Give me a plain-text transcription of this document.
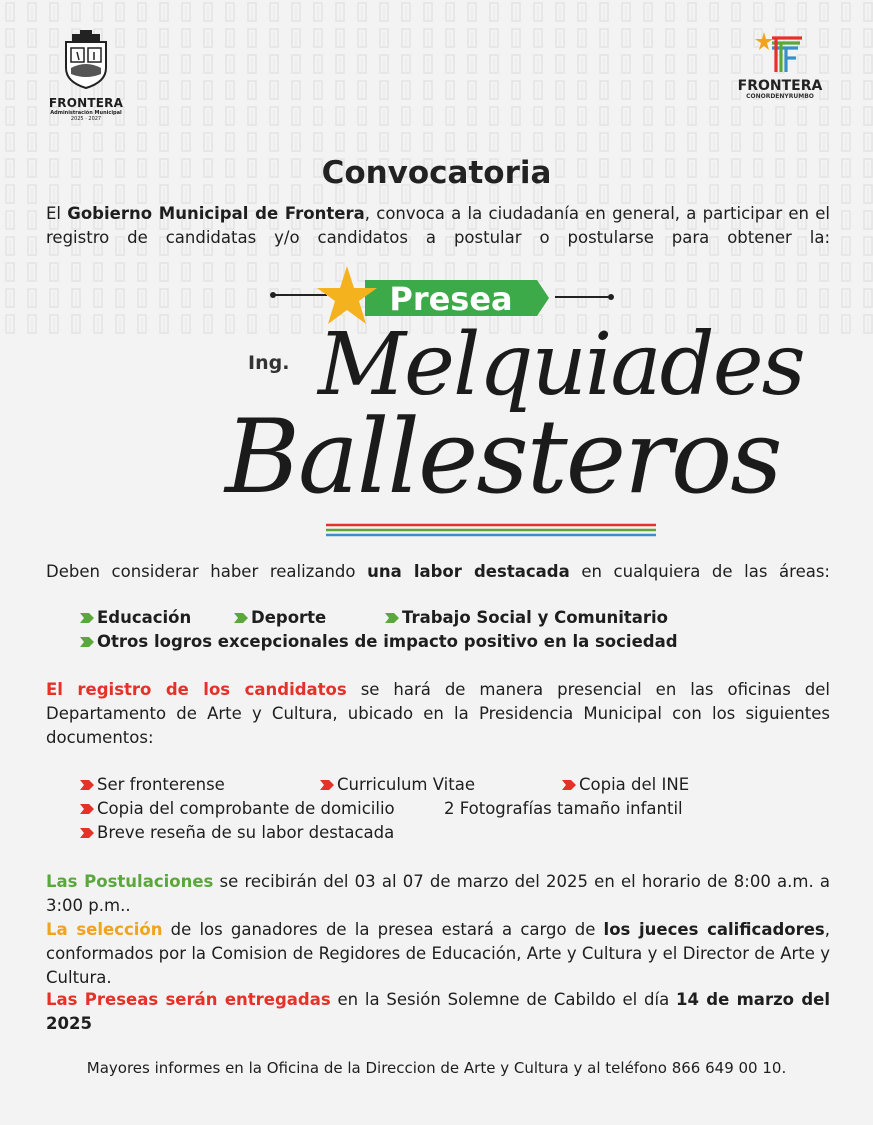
FRONTERA
Administración Municipal
2025 · 2027
FRONTERA
CONORDENYRUMBO
Convocatoria
El Gobierno Municipal de Frontera, convoca a la ciudadanía en general, a participar en el registro de candidatas y/o candidatos a postular o postularse para obtener la:
Presea
Ing. Melquiades
Ballesteros
Deben considerar haber realizando una labor destacada en cualquiera de las áreas:
Educación	Deporte	Trabajo Social y Comunitario
Otros logros excepcionales de impacto positivo en la sociedad
El registro de los candidatos se hará de manera presencial en las oficinas del Departamento de Arte y Cultura, ubicado en la Presidencia Municipal con los siguientes documentos:
Ser fronterense	Curriculum Vitae	Copia del INE
Copia del comprobante de domicilio	2 Fotografías tamaño infantil
Breve reseña de su labor destacada
Las Postulaciones se recibirán del 03 al 07 de marzo del 2025 en el horario de 8:00 a.m. a 3:00 p.m..
La selección de los ganadores de la presea estará a cargo de los jueces calificadores, conformados por la Comision de Regidores de Educación, Arte y Cultura y el Director de Arte y Cultura.
Las Preseas serán entregadas en la Sesión Solemne de Cabildo el día 14 de marzo del 2025
Mayores informes en la Oficina de la Direccion de Arte y Cultura y al teléfono 866 649 00 10.
